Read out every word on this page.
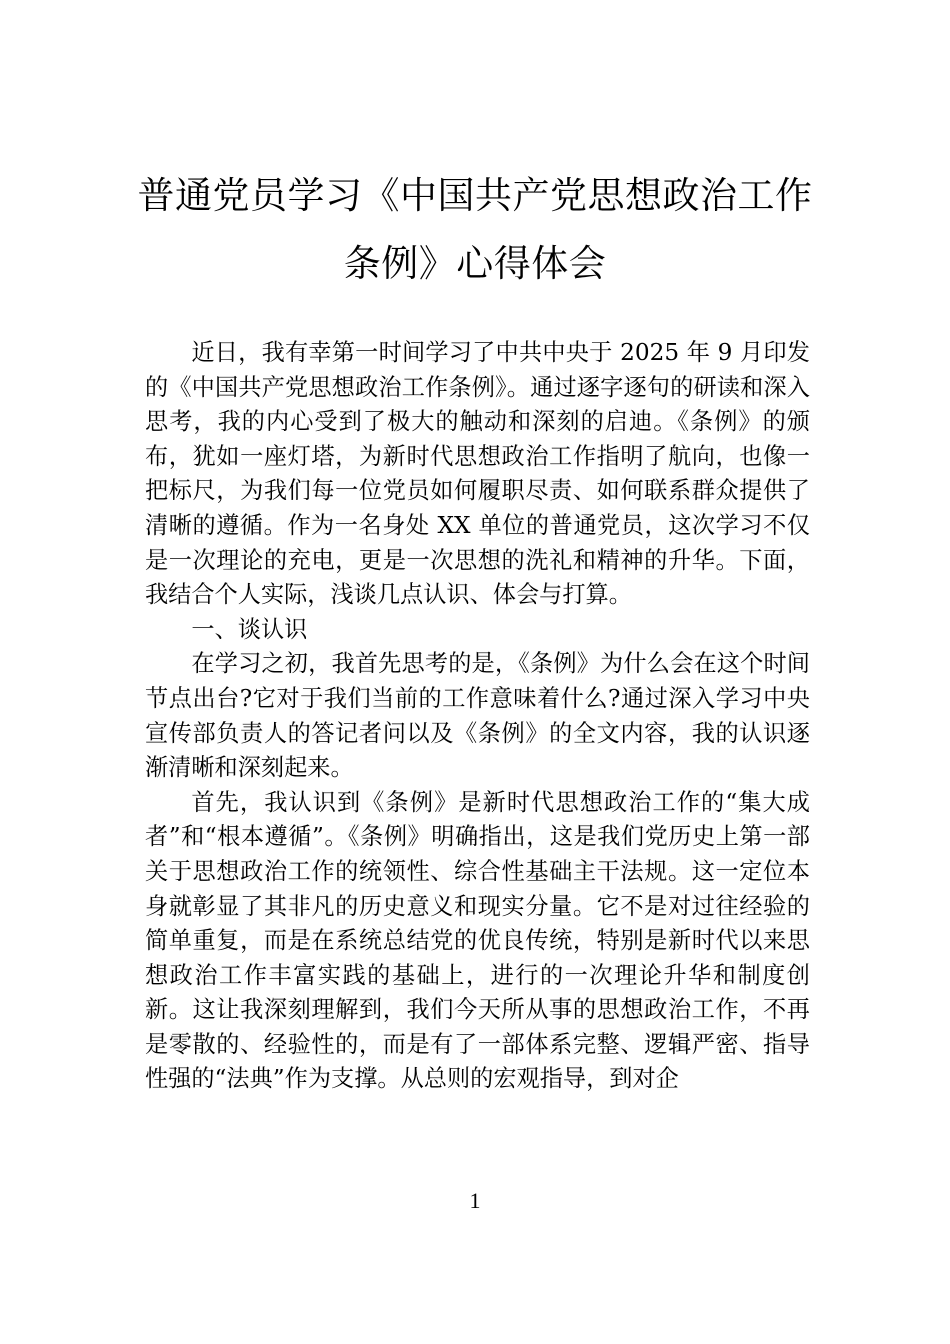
普通党员学习《中国共产党思想政治工作
条例》心得体会

近日，我有幸第一时间学习了中共中央于 2025 年 9 月印发的《中国共产党思想政治工作条例》。通过逐字逐句的研读和深入思考，我的内心受到了极大的触动和深刻的启迪。《条例》的颁布，犹如一座灯塔，为新时代思想政治工作指明了航向，也像一把标尺，为我们每一位党员如何履职尽责、如何联系群众提供了清晰的遵循。作为一名身处 XX 单位的普通党员，这次学习不仅是一次理论的充电，更是一次思想的洗礼和精神的升华。下面，我结合个人实际，浅谈几点认识、体会与打算。

一、谈认识

在学习之初，我首先思考的是，《条例》为什么会在这个时间节点出台?它对于我们当前的工作意味着什么?通过深入学习中央宣传部负责人的答记者问以及《条例》的全文内容，我的认识逐渐清晰和深刻起来。

首先，我认识到《条例》是新时代思想政治工作的“集大成者”和“根本遵循”。《条例》明确指出，这是我们党历史上第一部关于思想政治工作的统领性、综合性基础主干法规。这一定位本身就彰显了其非凡的历史意义和现实分量。它不是对过往经验的简单重复，而是在系统总结党的优良传统，特别是新时代以来思想政治工作丰富实践的基础上，进行的一次理论升华和制度创新。这让我深刻理解到，我们今天所从事的思想政治工作，不再是零散的、经验性的，而是有了一部体系完整、逻辑严密、指导性强的“法典”作为支撑。从总则的宏观指导，到对企

1
